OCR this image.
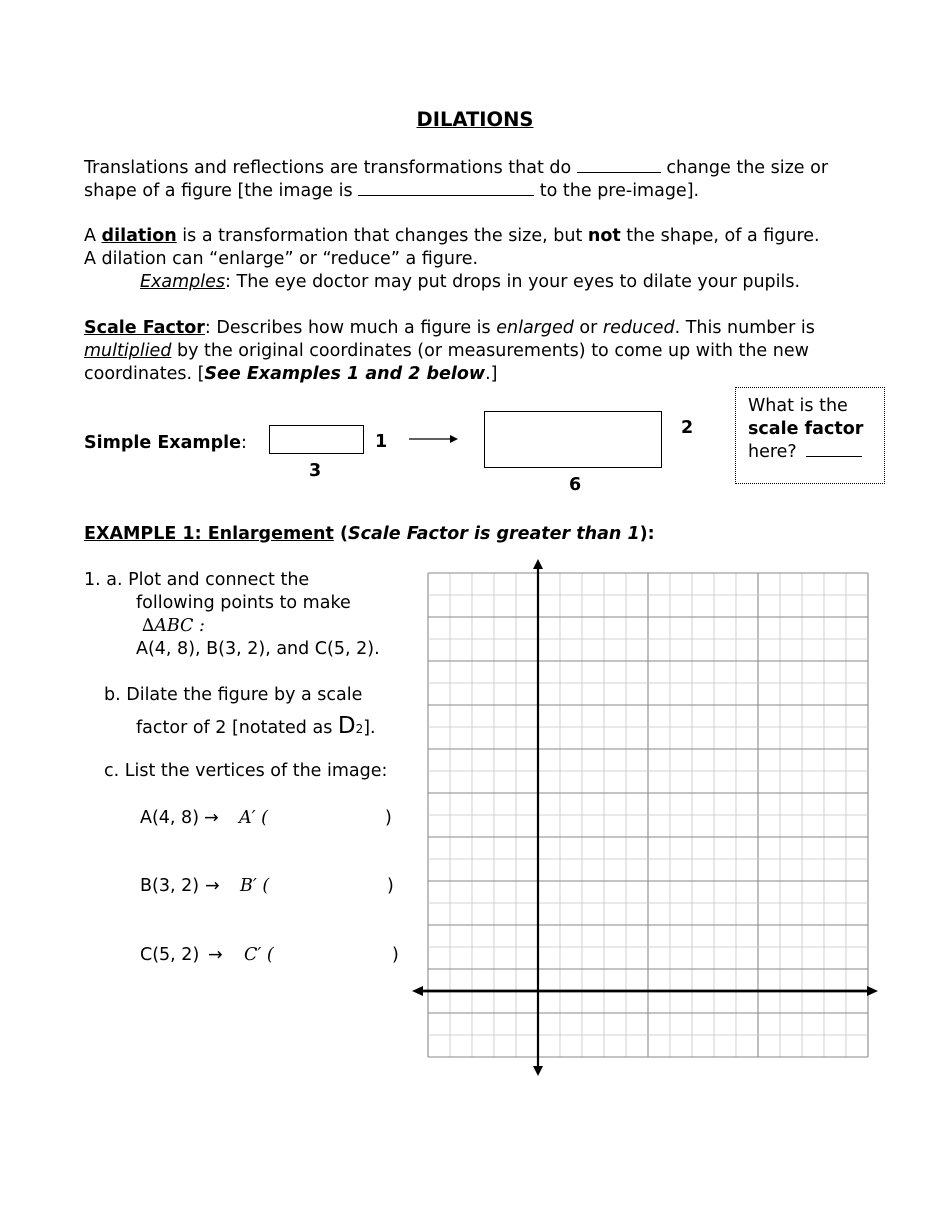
DILATIONS
Translations and reflections are transformations that do	change the size or
shape of a figure [the image is	to the pre-image].
A dilation is a transformation that changes the size, but not the shape, of a figure.
A dilation can “enlarge” or “reduce” a figure.
Examples: The eye doctor may put drops in your eyes to dilate your pupils.
Scale Factor: Describes how much a figure is enlarged or reduced. This number is
multiplied by the original coordinates (or measurements) to come up with the new
coordinates. [See Examples 1 and 2 below.]
Simple Example:	1
3
2
6
What is the
scale factor
here?
EXAMPLE 1: Enlargement (Scale Factor is greater than 1):
1. a. Plot and connect the
following points to make
∆ABC :
A(4, 8), B(3, 2), and C(5, 2).
b. Dilate the figure by a scale
factor of 2 [notated as D2].
c. List the vertices of the image:
A(4, 8) → A′ (	)
B(3, 2) → B′ (	)
C(5, 2) → C′ (	)
